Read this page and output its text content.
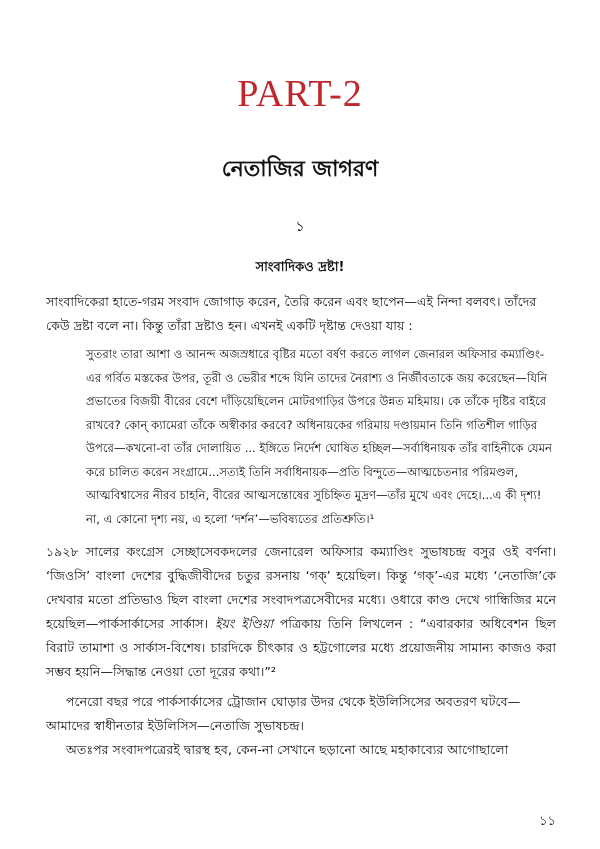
PART-2
নেতাজির জাগরণ
১
সাংবাদিকও দ্রষ্টা!

সাংবাদিকেরা হাতে-গরম সংবাদ জোগাড় করেন, তৈরি করেন এবং ছাপেন—এই নিন্দা বলবৎ। তাঁদের কেউ দ্রষ্টা বলে না। কিন্তু তাঁরা দ্রষ্টাও হন। এখনই একটি দৃষ্টান্ত দেওয়া যায় :

সুতরাং তারা আশা ও আনন্দ অজস্রধারে বৃষ্টির মতো বর্ষণ করতে লাগল জেনারল অফিসার কম্যাণ্ডিং-এর গর্বিত মস্তকের উপর, তূরী ও ভেরীর শব্দে যিনি তাদের নৈরাশ্য ও নির্জীবতাকে জয় করেছেন—যিনি প্রভাতের বিজয়ী বীরের বেশে দাঁড়িয়েছিলেন মোটরগাড়ির উপরে উন্নত মহিমায়। কে তাঁকে দৃষ্টির বাইরে রাখবে? কোন্ ক্যামেরা তাঁকে অস্বীকার করবে? অধিনায়কের গরিমায় দণ্ডায়মান তিনি গতিশীল গাড়ির উপরে—কখনো-বা তাঁর দোলায়িত ... ইঙ্গিতে নির্দেশ ঘোষিত হচ্ছিল—সর্বাধিনায়ক তাঁর বাহিনীকে যেমন করে চালিত করেন সংগ্রামে...সত্যই তিনি সর্বাধিনায়ক—প্রতি বিন্দুতে—আত্মচেতনার পরিমণ্ডল, আত্মবিশ্বাসের নীরব চাহনি, বীরের আত্মসন্তোষের সুচিহ্নিত মুদ্রণ—তাঁর মুখে এবং দেহে।...এ কী দৃশ্য! না, এ কোনো দৃশ্য নয়, এ হলো ‘দর্শন’—ভবিষ্যতের প্রতিশ্রুতি।¹

১৯২৮ সালের কংগ্রেস সেচ্ছাসেবকদলের জেনারেল অফিসার কম্যাণ্ডিং সুভাষচন্দ্র বসুর ওই বর্ণনা। ‘জিওসি’ বাংলা দেশের বুদ্ধিজীবীদের চতুর রসনায় ‘গক্’ হয়েছিল। কিন্তু ‘গক্’-এর মধ্যে ‘নেতাজি’কে দেখবার মতো প্রতিভাও ছিল বাংলা দেশের সংবাদপত্রসেবীদের মধ্যে। ওধারে কাণ্ড দেখে গান্ধিজির মনে হয়েছিল—পার্কসার্কাসের সার্কাস। ইয়ং ইণ্ডিয়া পত্রিকায় তিনি লিখলেন : “এবারকার অধিবেশন ছিল বিরাট তামাশা ও সার্কাস-বিশেষ। চারদিকে চীৎকার ও হট্টগোলের মধ্যে প্রয়োজনীয় সামান্য কাজও করা সম্ভব হয়নি—সিদ্ধান্ত নেওয়া তো দূরের কথা।”²

পনেরো বছর পরে পার্কসার্কাসের ট্রোজান ঘোড়ার উদর থেকে ইউলিসিসের অবতরণ ঘটবে—আমাদের স্বাধীনতার ইউলিসিস—নেতাজি সুভাষচন্দ্র।

অতঃপর সংবাদপত্রেরই দ্বারস্থ হব, কেন-না সেখানে ছড়ানো আছে মহাকাব্যের আগোছালো

১১
